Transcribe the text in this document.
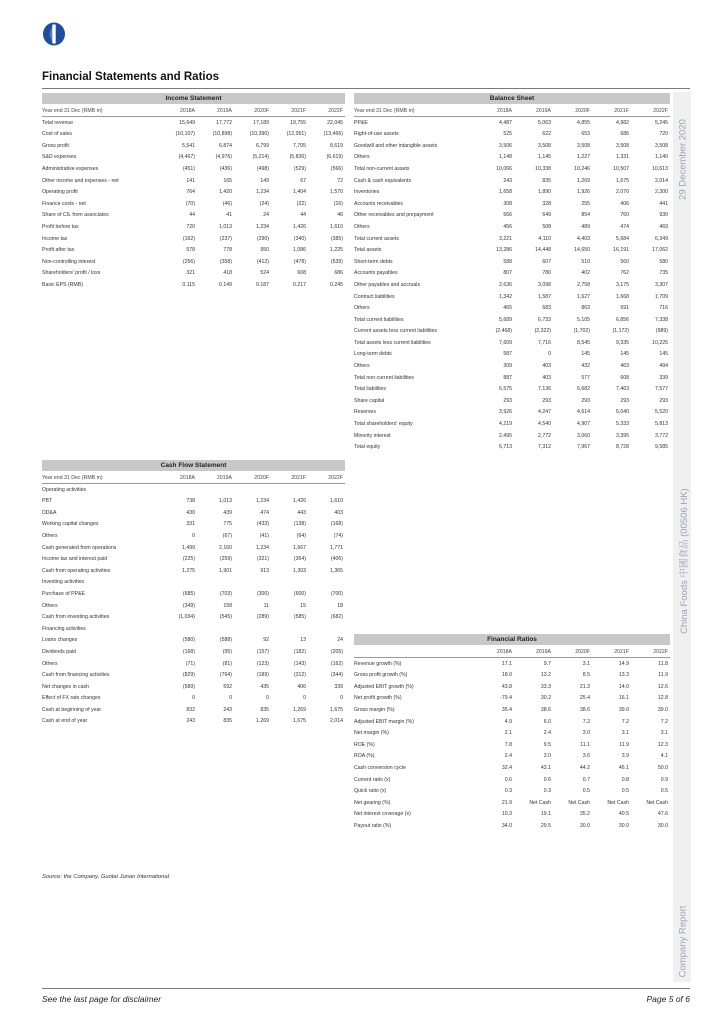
Financial Statements and Ratios
29 December 2020
China Foods 中國食品 (00506 HK)
Company Report
Income Statement
Year end 31 Dec (RMB m)	2018A	2019A	2020F	2021F	2022F

Total revenue	15,649	17,772	17,189	19,755	22,045
Cost of sales	(10,107)	(10,898)	(10,390)	(12,051)	(13,466)

Gross profit	5,541	6,874	6,799	7,705	8,619
S&D expenses	(4,467)	(4,976)	(5,214)	(5,836)	(6,619)
Administrative expenses	(451)	(436)	(498)	(529)	(566)
Other income and expenses - net	141	165	149	67	72

Operating profit	764	1,420	1,234	1,404	1,570
Finance costs - net	(70)	(46)	(24)	(22)	(16)
Share of CIL from associates	44	41	24	44	46

Profit before tax	720	1,013	1,234	1,426	1,610
Income tax	(162)	(237)	(290)	(340)	(385)

Profit after tax	578	778	950	1,086	1,225
Non-controlling interest	(256)	(358)	(412)	(478)	(539)
Shareholders' profit / loss	321	418	524	608	686

Basic EPS (RMB)	0.115	0.149	0.187	0.217	0.245
Cash Flow Statement
Year end 31 Dec (RMB m)	2018A	2019A	2020F	2021F	2022F

Operating activities					
PBT	738	1,013	1,234	1,426	1,610
DD&A	430	439	474	443	403
Working capital changes	331	775	(433)	(138)	(168)
Others	0	(67)	(41)	(64)	(74)
Cash generated from operations	1,499	2,160	1,234	1,667	1,771
Income tax and interest paid	(225)	(259)	(321)	(364)	(406)
Cash from operating activities	1,275	1,901	913	1,303	1,365

Investing activities					
Purchase of PP&E	(685)	(703)	(300)	(600)	(700)
Others	(349)	158	11	15	18
Cash from investing activities	(1,034)	(545)	(289)	(585)	(682)

Financing activities					
Loans changes	(580)	(588)	92	13	24
Dividends paid	(168)	(95)	(157)	(182)	(205)
Others	(71)	(81)	(123)	(143)	(162)
Cash from financing activities	(829)	(764)	(189)	(312)	(344)

Net changes in cash	(589)	592	435	406	339
Effect of FX rate changes	0	0	0	0	0
Cash at beginning of year	832	243	835	1,269	1,675
Cash at end of year	243	835	1,269	1,675	2,014
Source: the Company, Guotai Junan International.
Balance Sheet
Year end 31 Dec (RMB m)	2018A	2019A	2020F	2021F	2022F

PP&E	4,487	5,063	4,855	4,982	5,245
Right-of-use assets	525	622	653	686	720
Goodwill and other intangible assets	3,506	3,508	3,508	3,508	3,508
Others	1,148	1,145	1,227	1,331	1,140
Total non-current assets	10,066	10,338	10,246	10,507	10,613

Cash & cash equivalents	243	835	1,269	1,675	2,014
Inventories	1,658	1,890	1,926	2,070	2,300
Accounts receivables	308	328	255	406	441
Other receivables and prepayment	566	649	854	760	930
Others	456	508	489	474	469
Total current assets	3,221	4,110	4,403	5,684	6,349
Total assets	13,286	14,448	14,650	16,191	17,062

Short-term debts	588	607	510	560	580
Accounts payables	807	780	402	762	735
Other payables and accruals	2,636	3,098	2,758	3,175	3,307
Contract liabilities	1,342	1,587	1,627	1,668	1,709
Others	465	683	863	691	716
Total current liabilities	5,689	6,733	5,105	6,856	7,338

Current assets less current liabilities	(2,468)	(2,322)	(1,702)	(1,172)	(989)
Total assets less current liabilities	7,609	7,716	8,545	9,335	10,225

Long-term debts	587	0	145	145	145
Others	309	403	432	463	494
Total non-current liabilities	887	403	577	608	339
Total liabilities	6,575	7,136	6,682	7,463	7,577

Share capital	293	293	293	293	293
Reserves	3,926	4,247	4,614	5,040	5,520
Total shareholders' equity	4,219	4,540	4,907	5,333	5,813
Minority interest	2,495	2,772	3,060	3,395	3,772
Total equity	6,713	7,312	7,967	8,728	9,585
Financial Ratios
	2018A	2019A	2020F	2021F	2022F

Revenue growth (%)	17.1	9.7	3.1	14.9	11.8
Gross profit growth (%)	18.0	13.2	8.5	13.3	11.9
Adjusted EBIT growth (%)	43.8	33.3	21.3	14.0	12.6
Net profit growth (%)	-79.4	30.2	25.4	16.1	12.8

Gross margin (%)	35.4	38.6	38.6	39.0	39.0
Adjusted EBIT margin (%)	4.9	6.0	7.2	7.2	7.2
Net margin (%)	2.1	2.4	3.0	3.1	3.1
ROE (%)	7.8	9.5	11.1	11.9	12.3
ROA (%)	2.4	3.0	3.6	3.9	4.1

Cash conversion cycle	32.4	43.1	44.2	46.1	50.0
Current ratio (x)	0.6	0.6	0.7	0.8	0.9
Quick ratio (x)	0.3	0.3	0.5	0.5	0.5
Net gearing (%)	21.9	Net Cash	Net Cash	Net Cash	Net Cash
Net interest coverage (x)	10.3	19.1	35.2	40.5	47.6
Payout ratio (%)	34.0	29.5	30.0	30.0	30.0
See the last page for disclaimer	Page 5 of 6
